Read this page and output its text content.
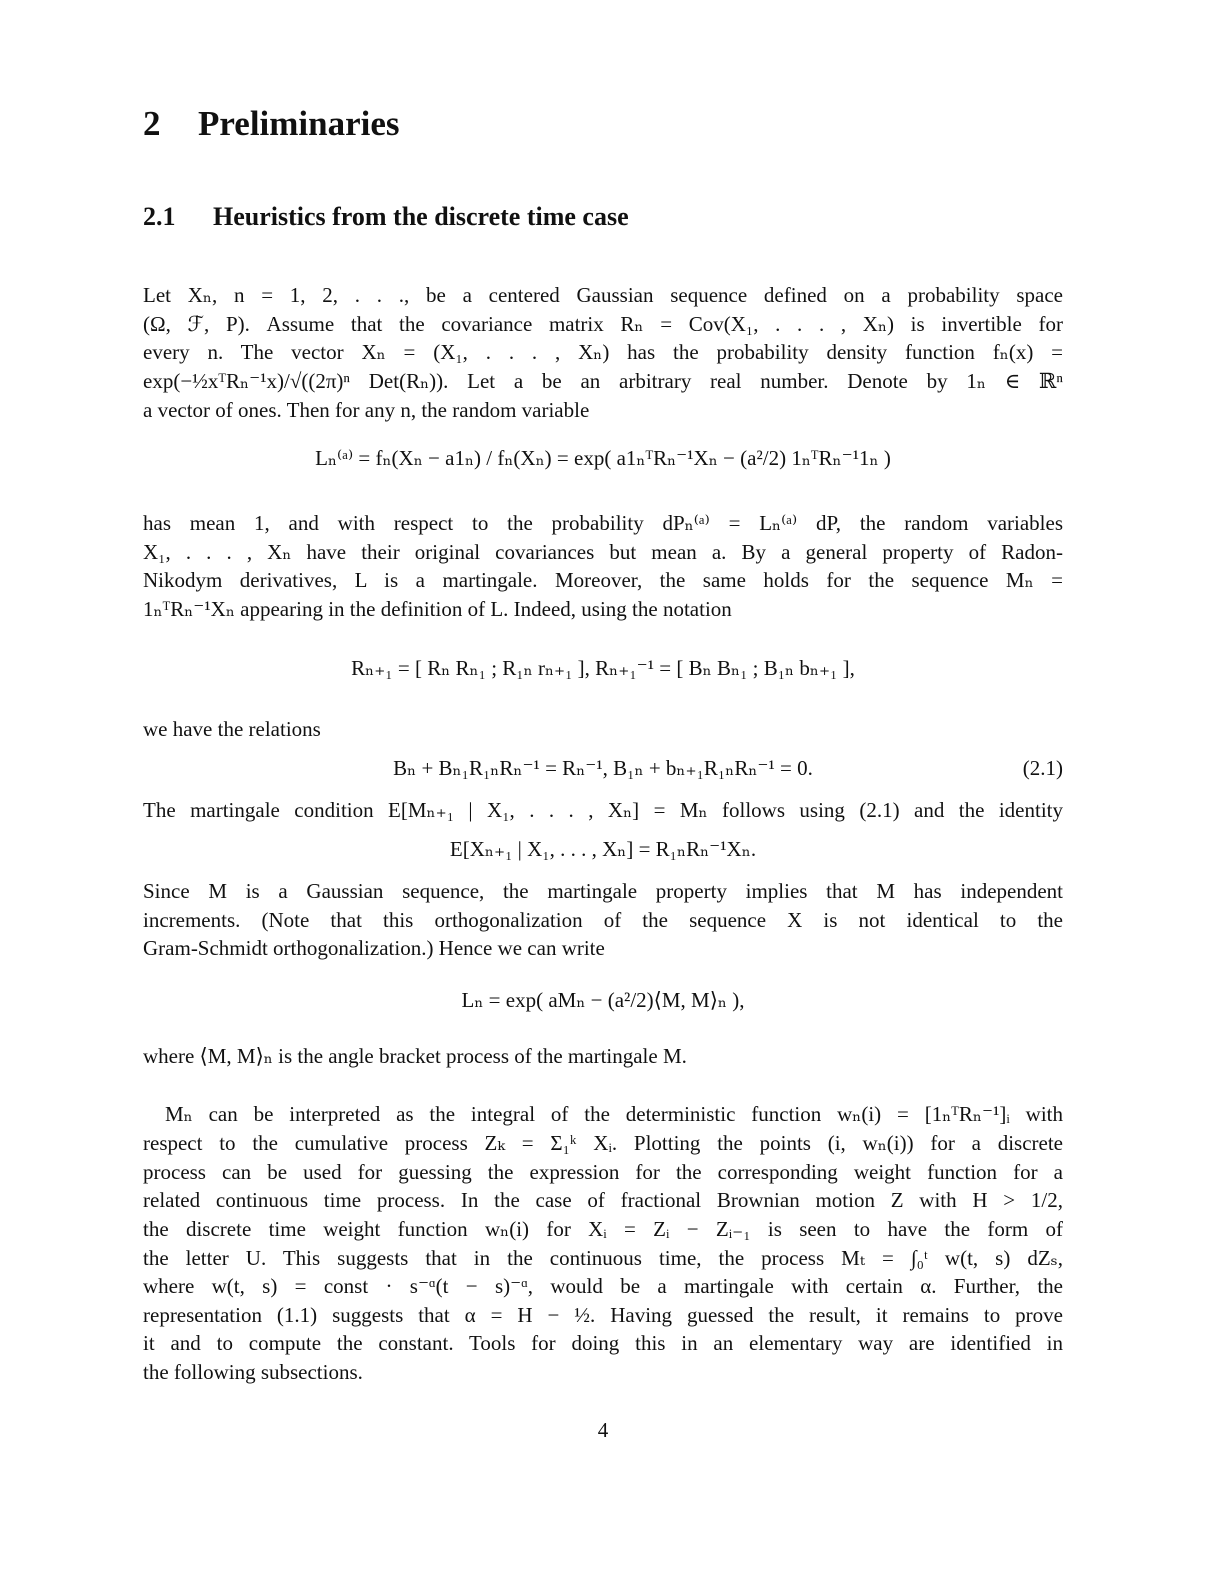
2 Preliminaries
2.1 Heuristics from the discrete time case
Let Xₙ, n = 1, 2, . . ., be a centered Gaussian sequence defined on a probability space
(Ω, ℱ, P). Assume that the covariance matrix Rₙ = Cov(X₁, . . . , Xₙ) is invertible for
every n. The vector Xₙ = (X₁, . . . , Xₙ) has the probability density function fₙ(x) =
exp(−½xᵀRₙ⁻¹x)/√((2π)ⁿ Det(Rₙ)). Let a be an arbitrary real number. Denote by 1ₙ ∈ ℝⁿ
a vector of ones. Then for any n, the random variable
Lₙ⁽ᵃ⁾ = fₙ(Xₙ − a1ₙ) / fₙ(Xₙ) = exp( a1ₙᵀRₙ⁻¹Xₙ − (a²/2) 1ₙᵀRₙ⁻¹1ₙ )
has mean 1, and with respect to the probability dPₙ⁽ᵃ⁾ = Lₙ⁽ᵃ⁾ dP, the random variables
X₁, . . . , Xₙ have their original covariances but mean a. By a general property of Radon-
Nikodym derivatives, L is a martingale. Moreover, the same holds for the sequence Mₙ =
1ₙᵀRₙ⁻¹Xₙ appearing in the definition of L. Indeed, using the notation
Rₙ₊₁ = [ Rₙ Rₙ₁ ; R₁ₙ rₙ₊₁ ], Rₙ₊₁⁻¹ = [ Bₙ Bₙ₁ ; B₁ₙ bₙ₊₁ ],
we have the relations
Bₙ + Bₙ₁R₁ₙRₙ⁻¹ = Rₙ⁻¹, B₁ₙ + bₙ₊₁R₁ₙRₙ⁻¹ = 0.	(2.1)
The martingale condition E[Mₙ₊₁ | X₁, . . . , Xₙ] = Mₙ follows using (2.1) and the identity
E[Xₙ₊₁ | X₁, . . . , Xₙ] = R₁ₙRₙ⁻¹Xₙ.
Since M is a Gaussian sequence, the martingale property implies that M has independent
increments. (Note that this orthogonalization of the sequence X is not identical to the
Gram-Schmidt orthogonalization.) Hence we can write
Lₙ = exp( aMₙ − (a²/2)⟨M, M⟩ₙ ),
where ⟨M, M⟩ₙ is the angle bracket process of the martingale M.
Mₙ can be interpreted as the integral of the deterministic function wₙ(i) = [1ₙᵀRₙ⁻¹]ᵢ with
respect to the cumulative process Zₖ = Σ₁ᵏ Xᵢ. Plotting the points (i, wₙ(i)) for a discrete
process can be used for guessing the expression for the corresponding weight function for a
related continuous time process. In the case of fractional Brownian motion Z with H > 1/2,
the discrete time weight function wₙ(i) for Xᵢ = Zᵢ − Zᵢ₋₁ is seen to have the form of
the letter U. This suggests that in the continuous time, the process Mₜ = ∫₀ᵗ w(t, s) dZₛ,
where w(t, s) = const · s⁻ᵅ(t − s)⁻ᵅ, would be a martingale with certain α. Further, the
representation (1.1) suggests that α = H − ½. Having guessed the result, it remains to prove
it and to compute the constant. Tools for doing this in an elementary way are identified in
the following subsections.
4
